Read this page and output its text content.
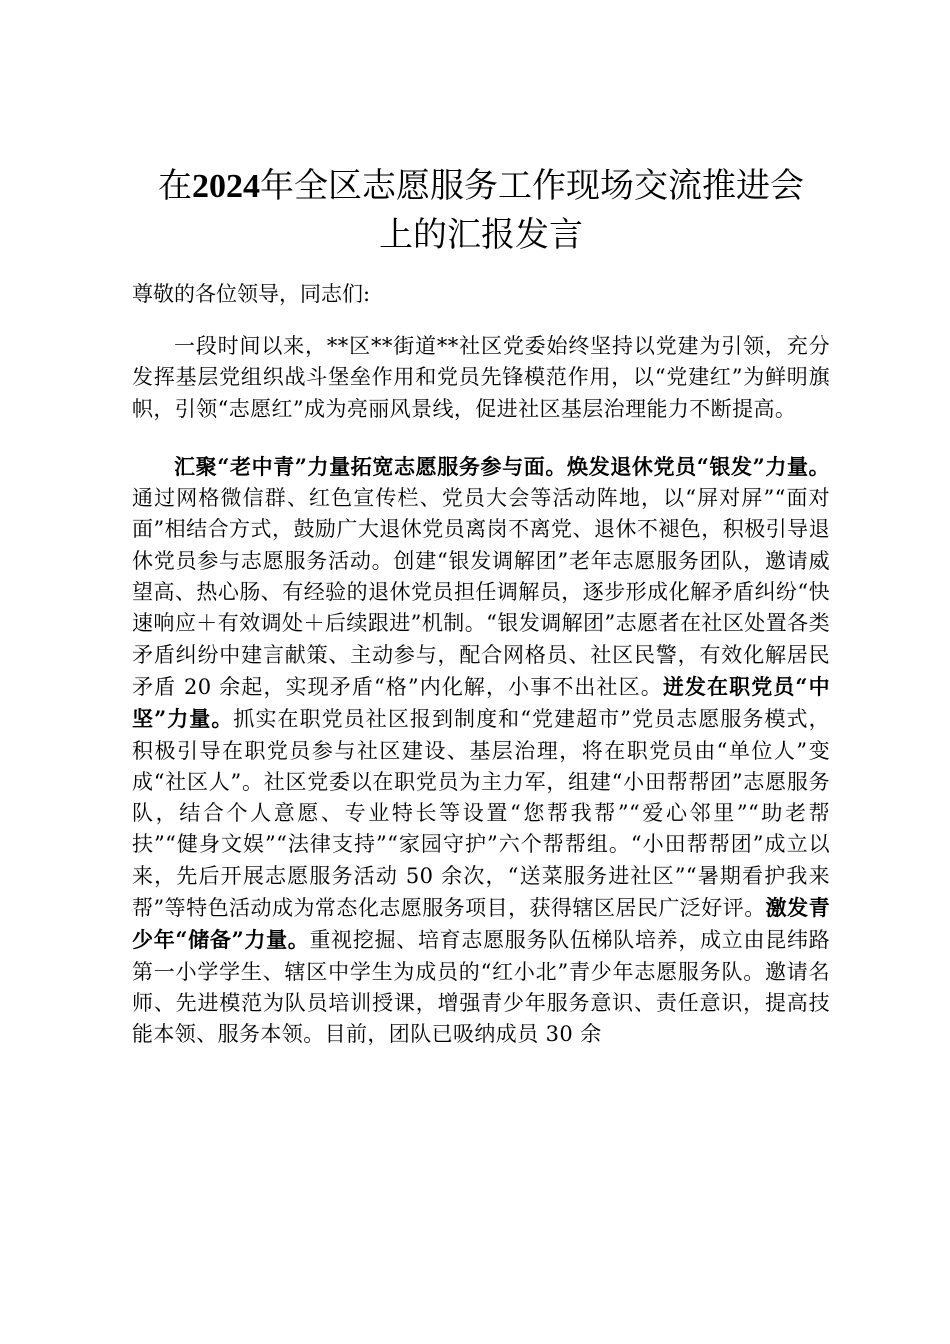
在2024年全区志愿服务工作现场交流推进会
上的汇报发言

尊敬的各位领导，同志们:

一段时间以来，**区**街道**社区党委始终坚持以党建为引领，充分发挥基层党组织战斗堡垒作用和党员先锋模范作用，以“党建红”为鲜明旗帜，引领“志愿红”成为亮丽风景线，促进社区基层治理能力不断提高。

汇聚“老中青”力量拓宽志愿服务参与面。焕发退休党员“银发”力量。通过网格微信群、红色宣传栏、党员大会等活动阵地，以“屏对屏”“面对面”相结合方式，鼓励广大退休党员离岗不离党、退休不褪色，积极引导退休党员参与志愿服务活动。创建“银发调解团”老年志愿服务团队，邀请威望高、热心肠、有经验的退休党员担任调解员，逐步形成化解矛盾纠纷“快速响应＋有效调处＋后续跟进”机制。“银发调解团”志愿者在社区处置各类矛盾纠纷中建言献策、主动参与，配合网格员、社区民警，有效化解居民矛盾 20 余起，实现矛盾“格”内化解，小事不出社区。迸发在职党员“中坚”力量。抓实在职党员社区报到制度和“党建超市”党员志愿服务模式，积极引导在职党员参与社区建设、基层治理，将在职党员由“单位人”变成“社区人”。社区党委以在职党员为主力军，组建“小田帮帮团”志愿服务队，结合个人意愿、专业特长等设置“您帮我帮”“爱心邻里”“助老帮扶”“健身文娱”“法律支持”“家园守护”六个帮帮组。“小田帮帮团”成立以来，先后开展志愿服务活动 50 余次，“送菜服务进社区”“暑期看护我来帮”等特色活动成为常态化志愿服务项目，获得辖区居民广泛好评。激发青少年“储备”力量。重视挖掘、培育志愿服务队伍梯队培养，成立由昆纬路第一小学学生、辖区中学生为成员的“红小北”青少年志愿服务队。邀请名师、先进模范为队员培训授课，增强青少年服务意识、责任意识，提高技能本领、服务本领。目前，团队已吸纳成员 30 余
